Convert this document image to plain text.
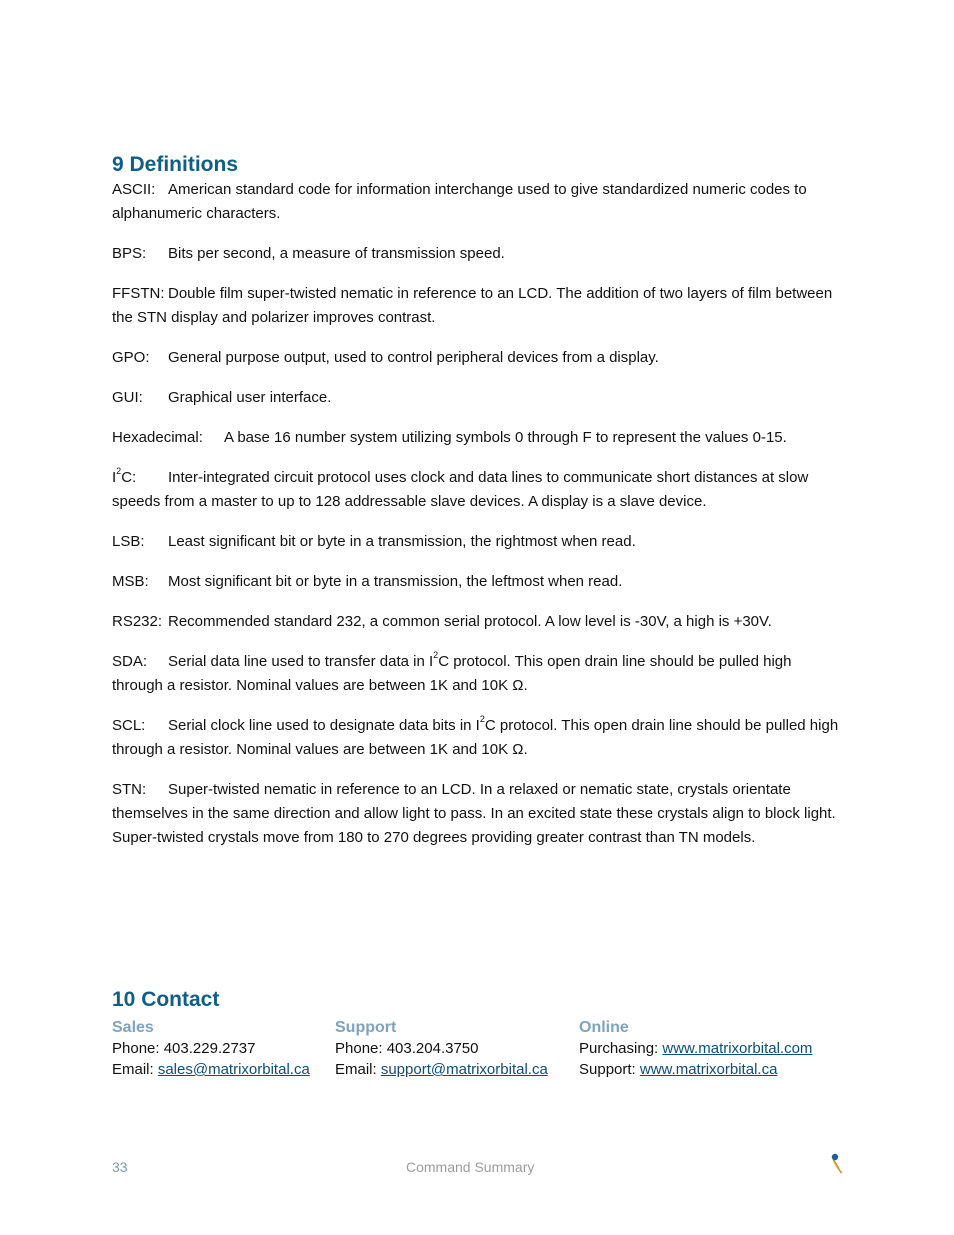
9 Definitions

ASCII: American standard code for information interchange used to give standardized numeric codes to alphanumeric characters.

BPS: Bits per second, a measure of transmission speed.

FFSTN: Double film super-twisted nematic in reference to an LCD. The addition of two layers of film between the STN display and polarizer improves contrast.

GPO: General purpose output, used to control peripheral devices from a display.

GUI: Graphical user interface.

Hexadecimal: A base 16 number system utilizing symbols 0 through F to represent the values 0-15.

$I^2C$: Inter-integrated circuit protocol uses clock and data lines to communicate short distances at slow speeds from a master to up to 128 addressable slave devices. A display is a slave device.

LSB: Least significant bit or byte in a transmission, the rightmost when read.

MSB: Most significant bit or byte in a transmission, the leftmost when read.

RS232: Recommended standard 232, a common serial protocol. A low level is -30V, a high is +30V.

SDA: Serial data line used to transfer data in $I^2C$ protocol. This open drain line should be pulled high through a resistor. Nominal values are between 1K and 10K Ω.

SCL: Serial clock line used to designate data bits in $I^2C$ protocol. This open drain line should be pulled high through a resistor. Nominal values are between 1K and 10K Ω.

STN: Super-twisted nematic in reference to an LCD. In a relaxed or nematic state, crystals orientate themselves in the same direction and allow light to pass. In an excited state these crystals align to block light. Super-twisted crystals move from 180 to 270 degrees providing greater contrast than TN models.

10 Contact
Sales
Phone: 403.229.2737
Email: sales@matrixorbital.ca
Support
Phone: 403.204.3750
Email: support@matrixorbital.ca
Online
Purchasing: www.matrixorbital.com
Support: www.matrixorbital.ca
33	Command Summary
